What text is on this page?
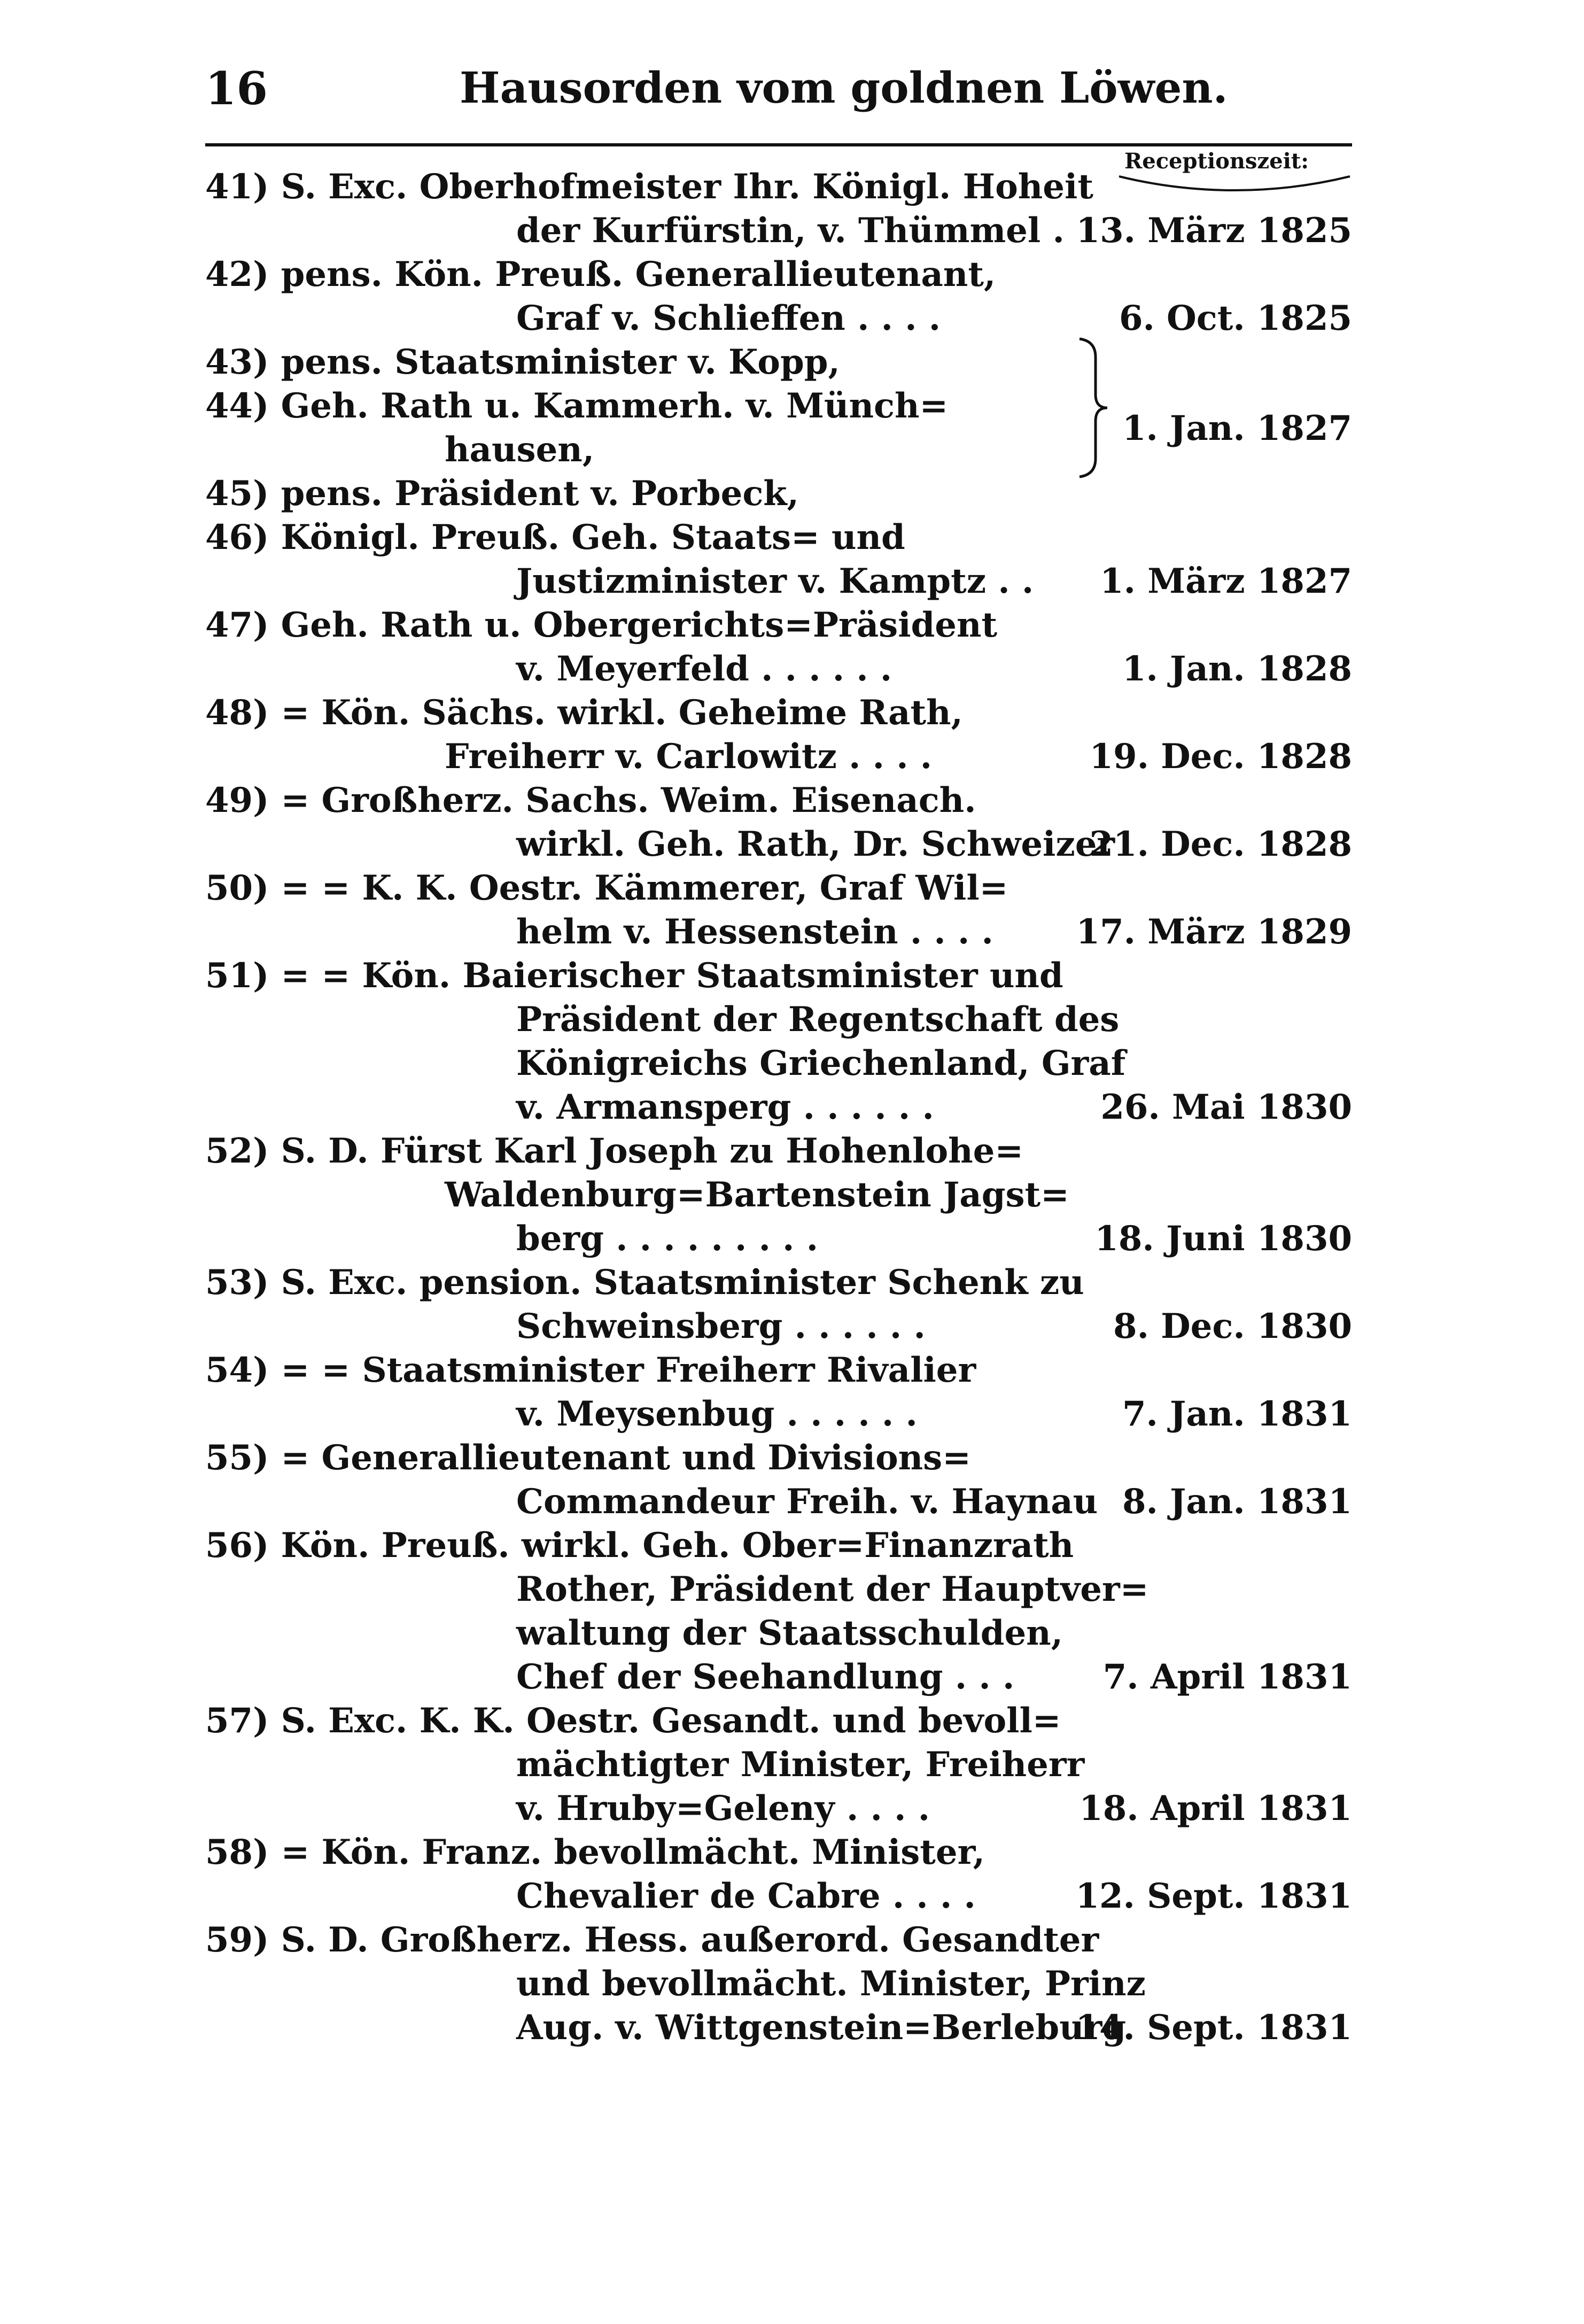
16	Hausorden vom goldnen Löwen.
Receptionszeit:
41) S. Exc. Oberhofmeister Ihr. Königl. Hoheit
der Kurfürstin, v. Thümmel .
42) pens. Kön. Preuß. Generallieutenant,
Graf v. Schlieffen . . . .
43) pens. Staatsminister v. Kopp,
44) Geh. Rath u. Kammerh. v. Münch=
hausen,
45) pens. Präsident v. Porbeck,
46) Königl. Preuß. Geh. Staats= und
Justizminister v. Kamptz . .
47) Geh. Rath u. Obergerichts=Präsident
v. Meyerfeld . . . . . .
48) = Kön. Sächs. wirkl. Geheime Rath,
Freiherr v. Carlowitz . . . .
49) = Großherz. Sachs. Weim. Eisenach.
wirkl. Geh. Rath, Dr. Schweizer
50) = = K. K. Oestr. Kämmerer, Graf Wil=
helm v. Hessenstein . . . .
51) = = Kön. Baierischer Staatsminister und
Präsident der Regentschaft des
Königreichs Griechenland, Graf
v. Armansperg . . . . . .
52) S. D. Fürst Karl Joseph zu Hohenlohe=
Waldenburg=Bartenstein Jagst=
berg . . . . . . . . .
53) S. Exc. pension. Staatsminister Schenk zu
Schweinsberg . . . . . .
54) = = Staatsminister Freiherr Rivalier
v. Meysenbug . . . . . .
55) = Generallieutenant und Divisions=
Commandeur Freih. v. Haynau
56) Kön. Preuß. wirkl. Geh. Ober=Finanzrath
Rother, Präsident der Hauptver=
waltung der Staatsschulden,
Chef der Seehandlung . . .
57) S. Exc. K. K. Oestr. Gesandt. und bevoll=
mächtigter Minister, Freiherr
v. Hruby=Geleny . . . .
58) = Kön. Franz. bevollmächt. Minister,
Chevalier de Cabre . . . .
59) S. D. Großherz. Hess. außerord. Gesandter
und bevollmächt. Minister, Prinz
Aug. v. Wittgenstein=Berleburg
13. März 1825
6. Oct. 1825
1. Jan. 1827
1. März 1827
1. Jan. 1828
19. Dec. 1828
21. Dec. 1828
17. März 1829
26. Mai 1830
18. Juni 1830
8. Dec. 1830
7. Jan. 1831
8. Jan. 1831
7. April 1831
18. April 1831
12. Sept. 1831
14. Sept. 1831
